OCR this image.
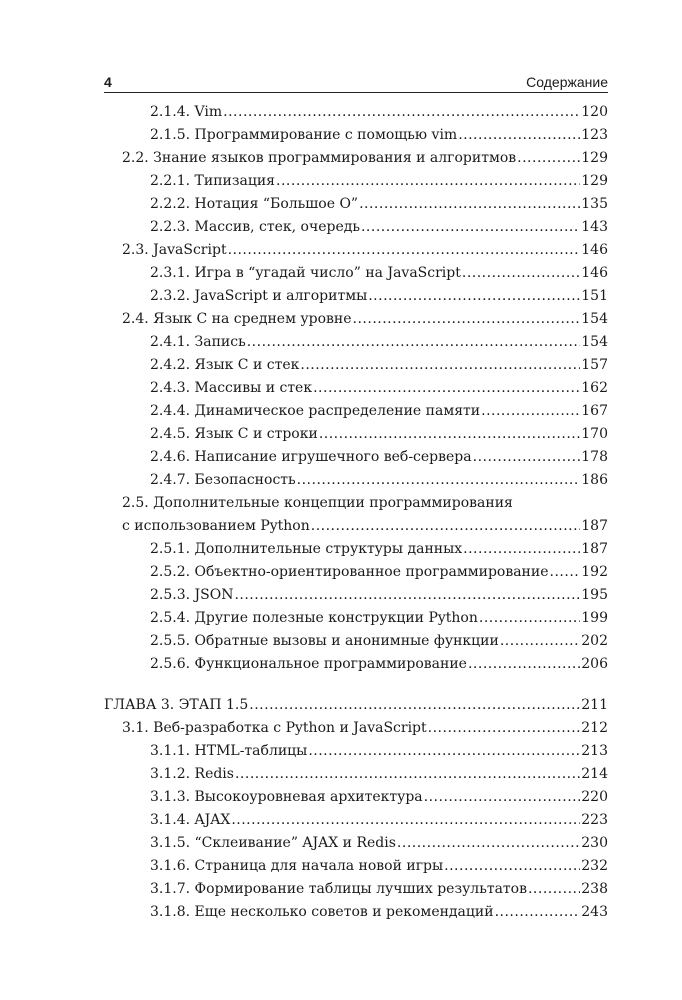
4	Содержание
2.1.4. Vim .....	120
2.1.5. Программирование с помощью vim .....	123
2.2. Знание языков программирования и алгоритмов .....	129
2.2.1. Типизация .....	129
2.2.2. Нотация “Большое О” .....	135
2.2.3. Массив, стек, очередь .....	143
2.3. JavaScript .....	146
2.3.1. Игра в “угадай число” на JavaScript .....	146
2.3.2. JavaScript и алгоритмы .....	151
2.4. Язык C на среднем уровне .....	154
2.4.1. Запись .....	154
2.4.2. Язык C и стек .....	157
2.4.3. Массивы и стек .....	162
2.4.4. Динамическое распределение памяти .....	167
2.4.5. Язык C и строки .....	170
2.4.6. Написание игрушечного веб-сервера .....	178
2.4.7. Безопасность .....	186
2.5. Дополнительные концепции программирования
с использованием Python .....	187
2.5.1. Дополнительные структуры данных .....	187
2.5.2. Объектно-ориентированное программирование ..... 192
2.5.3. JSON .....	195
2.5.4. Другие полезные конструкции Python .....	199
2.5.5. Обратные вызовы и анонимные функции .....	202
2.5.6. Функциональное программирование .....	206
ГЛАВА 3. ЭТАП 1.5 .....	211
3.1. Веб-разработка с Python и JavaScript .....	212
3.1.1. HTML-таблицы .....	213
3.1.2. Redis .....	214
3.1.3. Высокоуровневая архитектура .....	220
3.1.4. AJAX .....	223
3.1.5. “Склеивание” AJAX и Redis .....	230
3.1.6. Страница для начала новой игры .....	232
3.1.7. Формирование таблицы лучших результатов .....	238
3.1.8. Еще несколько советов и рекомендаций .....	243
